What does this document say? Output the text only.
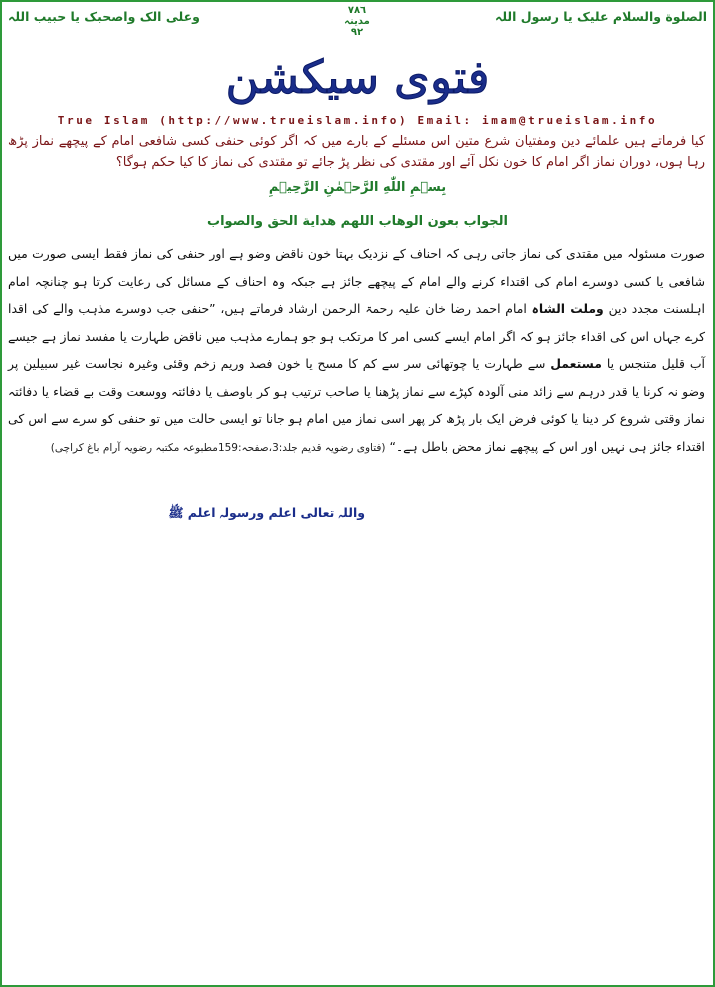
الصلوة والسلام علیک یا رسول اللہ
٧٨٦
مدینہ
٩٢
وعلی الک واصحبک یا حبیب اللہ
فتوی سیکشن
True Islam (http://www.trueislam.info) Email: imam@trueislam.info
کیا فرماتے ہیں علمائے دین ومفتیان شرع متین اس مسئلے کے بارے میں کہ اگر کوئی حنفی کسی شافعی امام کے پیچھے نماز پڑھ رہا ہوں، دوران نماز اگر امام کا خون نکل آئے اور مقتدی کی نظر پڑ جائے تو مقتدی کی نماز کا کیا حکم ہوگا؟
بِسۡمِ اللّٰهِ الرَّحۡمٰنِ الرَّحِيۡمِ
الجواب بعون الوهاب اللهم هداية الحق والصواب
صورت مسئولہ میں مقتدی کی نماز جاتی رہی کہ احناف کے نزدیک بہتا خون ناقض وضو ہے اور حنفی کی نماز فقط ایسی صورت میں شافعی یا کسی دوسرے امام کی اقتداء کرنے والے امام کے پیچھے جائز ہے جبکہ وہ احناف کے مسائل کی رعایت کرتا ہو چنانچہ امام اہلسنت مجدد دین وملت الشاہ امام احمد رضا خان علیہ رحمۃ الرحمن ارشاد فرماتے ہیں، ”حنفی جب دوسرے مذہب والے کی اقدا کرے جہاں اس کی اقداء جائز ہو کہ اگر امام ایسے کسی امر کا مرتکب ہو جو ہمارے مذہب میں ناقض طہارت یا مفسد نماز ہے جیسے آب قلیل متنجس یا مستعمل سے طہارت یا چوتھائی سر سے کم کا مسح یا خون فصد وریم زخم وقئی وغیرہ نجاست غیر سبیلین پر وضو نہ کرنا یا قدر درہم سے زائد منی آلودہ کپڑے سے نماز پڑھنا یا صاحب ترتیب ہو کر باوصف یا دفائتہ ووسعت وقت بے قضاء یا دفائتہ نماز وقتی شروع کر دینا یا کوئی فرض ایک بار پڑھ کر پھر اسی نماز میں امام ہو جانا تو ایسی حالت میں تو حنفی کو سرے سے اس کی اقتداء جائز ہی نہیں اور اس کے پیچھے نماز محض باطل ہے۔“ (فتاوی رضویہ قدیم جلد:3،صفحہ:159مطبوعہ مکتبہ رضویہ آرام باغ کراچی)
واللہ تعالی اعلم ورسولہ اعلم ﷺ
